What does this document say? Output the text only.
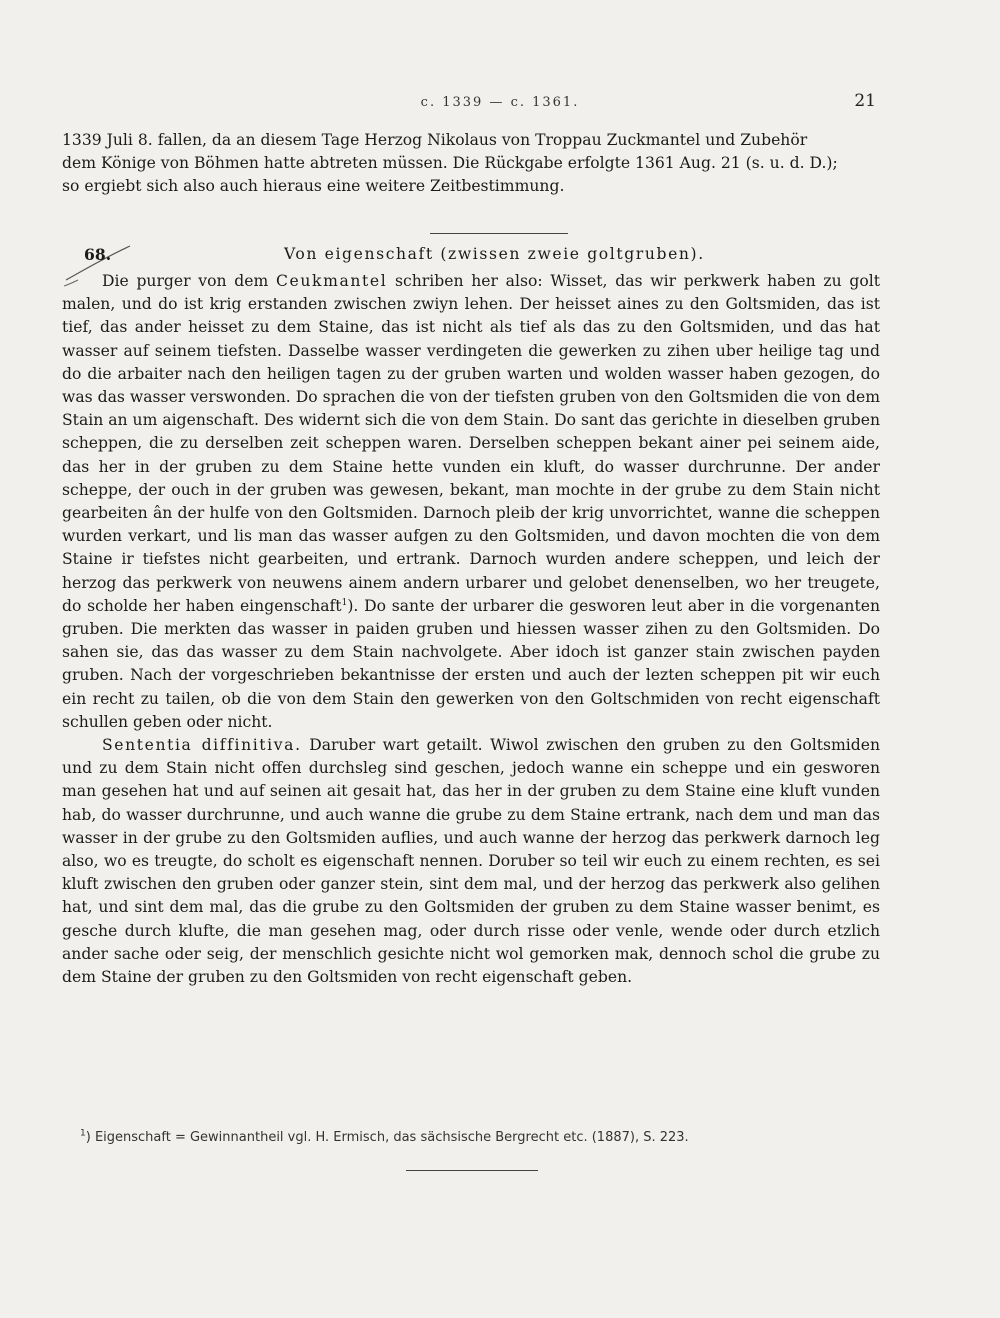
c. 1339 — c. 1361.	21
1339 Juli 8. fallen, da an diesem Tage Herzog Nikolaus von Troppau Zuckmantel und Zubehör
dem Könige von Böhmen hatte abtreten müssen. Die Rückgabe erfolgte 1361 Aug. 21 (s. u. d. D.);
so ergiebt sich also auch hieraus eine weitere Zeitbestimmung.
68.	Von eigenschaft (zwissen zweie goltgruben).

Die purger von dem Ceukmantel schriben her also: Wisset, das wir perkwerk haben zu golt malen, und do ist krig erstanden zwischen zwiyn lehen. Der heisset aines zu den Goltsmiden, das ist tief, das ander heisset zu dem Staine, das ist nicht als tief als das zu den Goltsmiden, und das hat wasser auf seinem tiefsten. Dasselbe wasser verdingeten die gewerken zu zihen uber heilige tag und do die arbaiter nach den heiligen tagen zu der gruben warten und wolden wasser haben gezogen, do was das wasser verswonden. Do sprachen die von der tiefsten gruben von den Goltsmiden die von dem Stain an um aigenschaft. Des widernt sich die von dem Stain. Do sant das gerichte in dieselben gruben scheppen, die zu derselben zeit scheppen waren. Derselben scheppen bekant ainer pei seinem aide, das her in der gruben zu dem Staine hette vunden ein kluft, do wasser durchrunne. Der ander scheppe, der ouch in der gruben was gewesen, bekant, man mochte in der grube zu dem Stain nicht gearbeiten ân der hulfe von den Goltsmiden. Darnoch pleib der krig unvorrichtet, wanne die scheppen wurden verkart, und lis man das wasser aufgen zu den Goltsmiden, und davon mochten die von dem Staine ir tiefstes nicht gearbeiten, und ertrank. Darnoch wurden andere scheppen, und leich der herzog das perkwerk von neuwens ainem andern urbarer und gelobet denenselben, wo her treugete, do scholde her haben eingenschaft$^1$). Do sante der urbarer die gesworen leut aber in die vorgenanten gruben. Die merkten das wasser in paiden gruben und hiessen wasser zihen zu den Goltsmiden. Do sahen sie, das das wasser zu dem Stain nachvolgete. Aber idoch ist ganzer stain zwischen payden gruben. Nach der vorgeschrieben bekantnisse der ersten und auch der lezten scheppen pit wir euch ein recht zu tailen, ob die von dem Stain den gewerken von den Goltschmiden von recht eigenschaft schullen geben oder nicht.

Sententia diffinitiva. Daruber wart getailt. Wiwol zwischen den gruben zu den Goltsmiden und zu dem Stain nicht offen durchsleg sind geschen, jedoch wanne ein scheppe und ein gesworen man gesehen hat und auf seinen ait gesait hat, das her in der gruben zu dem Staine eine kluft vunden hab, do wasser durchrunne, und auch wanne die grube zu dem Staine ertrank, nach dem und man das wasser in der grube zu den Goltsmiden auflies, und auch wanne der herzog das perkwerk darnoch leg also, wo es treugte, do scholt es eigenschaft nennen. Doruber so teil wir euch zu einem rechten, es sei kluft zwischen den gruben oder ganzer stein, sint dem mal, und der herzog das perkwerk also gelihen hat, und sint dem mal, das die grube zu den Goltsmiden der gruben zu dem Staine wasser benimt, es gesche durch klufte, die man gesehen mag, oder durch risse oder venle, wende oder durch etzlich ander sache oder seig, der menschlich gesichte nicht wol gemorken mak, dennoch schol die grube zu dem Staine der gruben zu den Goltsmiden von recht eigenschaft geben.

$^1$) Eigenschaft = Gewinnantheil vgl. H. Ermisch, das sächsische Bergrecht etc. (1887), S. 223.
